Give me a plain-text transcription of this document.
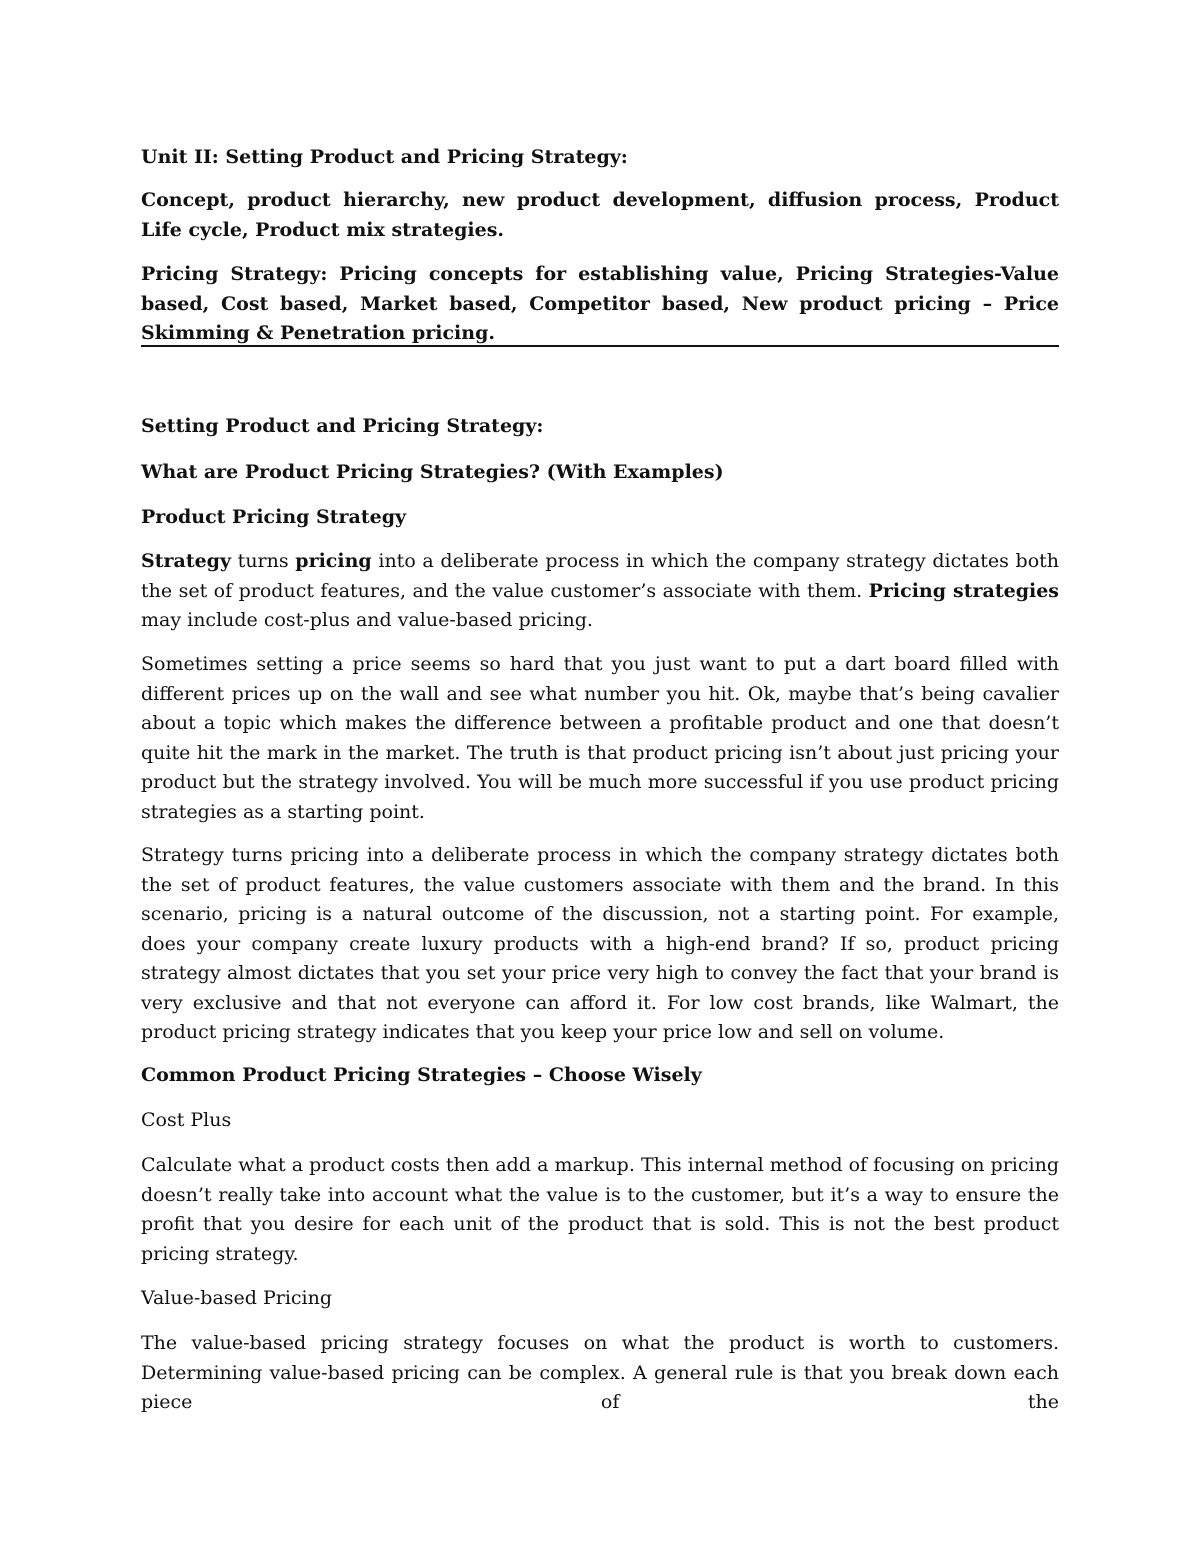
Unit II: Setting Product and Pricing Strategy:

Concept, product hierarchy, new product development, diffusion process, Product Life cycle, Product mix strategies.

Pricing Strategy: Pricing concepts for establishing value, Pricing Strategies-Value based, Cost based, Market based, Competitor based, New product pricing – Price Skimming & Penetration pricing.

Setting Product and Pricing Strategy:

What are Product Pricing Strategies? (With Examples)

Product Pricing Strategy

Strategy turns pricing into a deliberate process in which the company strategy dictates both the set of product features, and the value customer’s associate with them. Pricing strategies may include cost-plus and value-based pricing.

Sometimes setting a price seems so hard that you just want to put a dart board filled with different prices up on the wall and see what number you hit. Ok, maybe that’s being cavalier about a topic which makes the difference between a profitable product and one that doesn’t quite hit the mark in the market. The truth is that product pricing isn’t about just pricing your product but the strategy involved. You will be much more successful if you use product pricing strategies as a starting point.

Strategy turns pricing into a deliberate process in which the company strategy dictates both the set of product features, the value customers associate with them and the brand. In this scenario, pricing is a natural outcome of the discussion, not a starting point. For example, does your company create luxury products with a high-end brand? If so, product pricing strategy almost dictates that you set your price very high to convey the fact that your brand is very exclusive and that not everyone can afford it. For low cost brands, like Walmart, the product pricing strategy indicates that you keep your price low and sell on volume.

Common Product Pricing Strategies – Choose Wisely

Cost Plus

Calculate what a product costs then add a markup. This internal method of focusing on pricing doesn’t really take into account what the value is to the customer, but it’s a way to ensure the profit that you desire for each unit of the product that is sold. This is not the best product pricing strategy.

Value-based Pricing

The value-based pricing strategy focuses on what the product is worth to customers. Determining value-based pricing can be complex. A general rule is that you break down each piece of the
